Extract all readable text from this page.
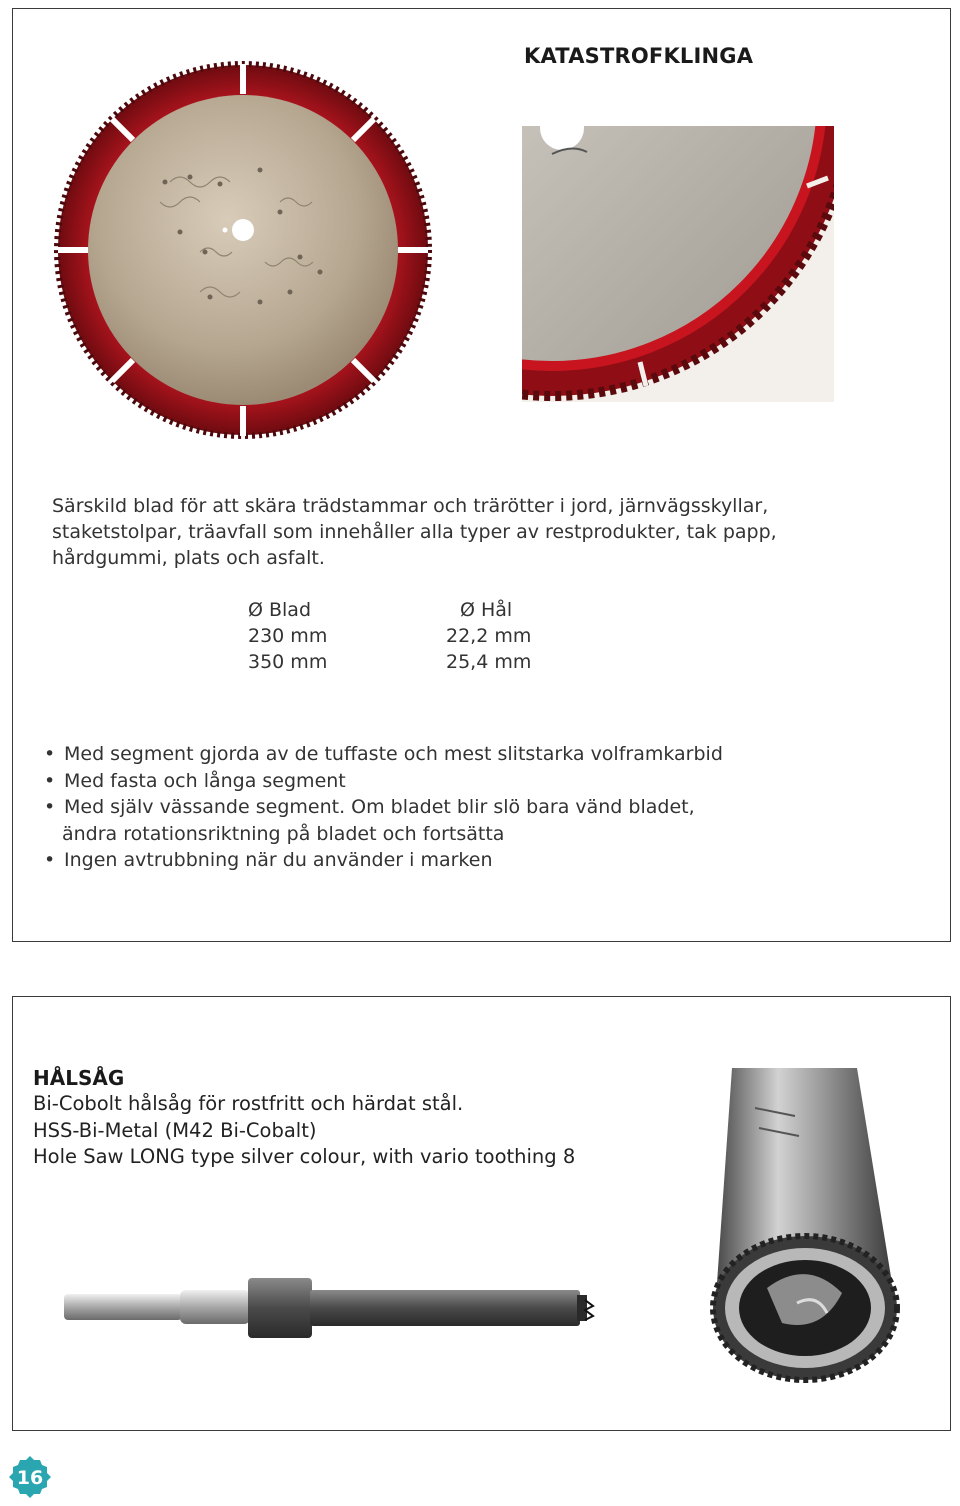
KATASTROFKLINGA
Särskild blad för att skära trädstammar och trärötter i jord, järnvägsskyllar,
staketstolpar, träavfall som innehåller alla typer av restprodukter, tak papp,
hårdgummi, plats och asfalt.
Ø Blad	Ø Hål
230 mm	22,2 mm
350 mm	25,4 mm
• Med segment gjorda av de tuffaste och mest slitstarka volframkarbid
• Med fasta och långa segment
• Med själv vässande segment. Om bladet blir slö bara vänd bladet,
ändra rotationsriktning på bladet och fortsätta
• Ingen avtrubbning när du använder i marken
HÅLSÅG
Bi-Cobolt hålsåg för rostfritt och härdat stål.
HSS-Bi-Metal (M42 Bi-Cobalt)
Hole Saw LONG type silver colour, with vario toothing 8
16
